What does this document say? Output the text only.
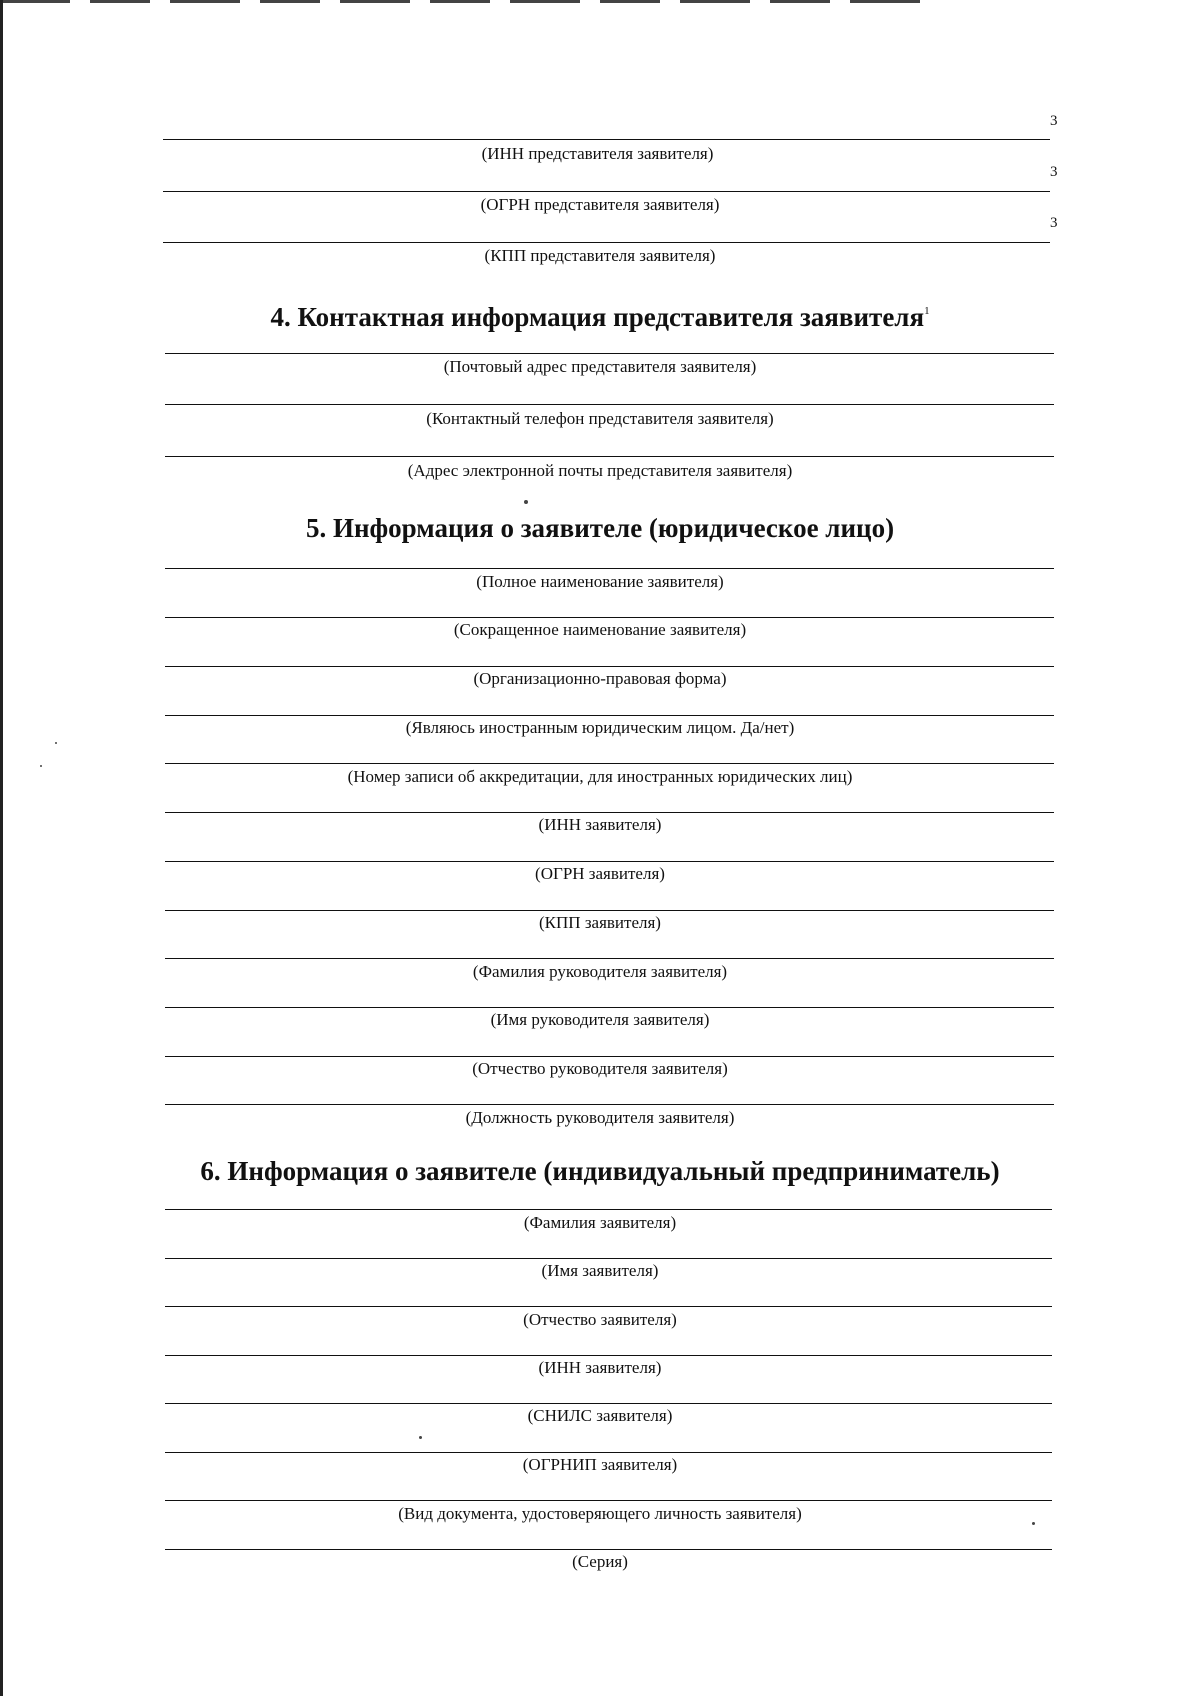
3
3
3
(ИНН представителя заявителя)
(ОГРН представителя заявителя)
(КПП представителя заявителя)
4. Контактная информация представителя заявителя$^1$
(Почтовый адрес представителя заявителя)
(Контактный телефон представителя заявителя)
(Адрес электронной почты представителя заявителя)
5. Информация о заявителе (юридическое лицо)
(Полное наименование заявителя)
(Сокращенное наименование заявителя)
(Организационно-правовая форма)
(Являюсь иностранным юридическим лицом. Да/нет)
(Номер записи об аккредитации, для иностранных юридических лиц)
(ИНН заявителя)
(ОГРН заявителя)
(КПП заявителя)
(Фамилия руководителя заявителя)
(Имя руководителя заявителя)
(Отчество руководителя заявителя)
(Должность руководителя заявителя)
6. Информация о заявителе (индивидуальный предприниматель)
(Фамилия заявителя)
(Имя заявителя)
(Отчество заявителя)
(ИНН заявителя)
(СНИЛС заявителя)
(ОГРНИП заявителя)
(Вид документа, удостоверяющего личность заявителя)
(Серия)
